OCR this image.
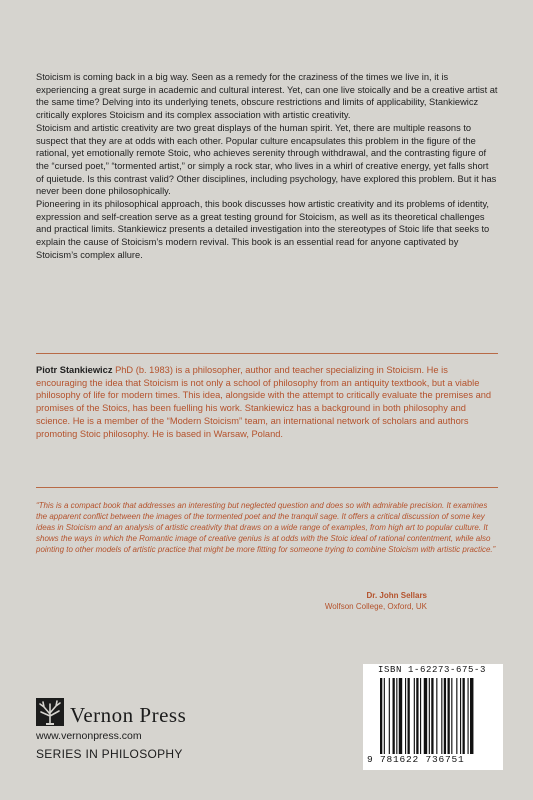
Stoicism is coming back in a big way. Seen as a remedy for the craziness of the times we live in, it is experiencing a great surge in academic and cultural interest. Yet, can one live stoically and be a creative artist at the same time? Delving into its underlying tenets, obscure restrictions and limits of applicability, Stankiewicz critically explores Stoicism and its complex association with artistic creativity.

Stoicism and artistic creativity are two great displays of the human spirit. Yet, there are multiple reasons to suspect that they are at odds with each other. Popular culture encapsulates this problem in the figure of the rational, yet emotionally remote Stoic, who achieves serenity through withdrawal, and the contrasting figure of the “cursed poet,” “tormented artist,” or simply a rock star, who lives in a whirl of creative energy, yet falls short of quietude. Is this contrast valid? Other disciplines, including psychology, have explored this problem. But it has never been done philosophically.

Pioneering in its philosophical approach, this book discusses how artistic creativity and its problems of identity, expression and self-creation serve as a great testing ground for Stoicism, as well as its theoretical challenges and practical limits. Stankiewicz presents a detailed investigation into the stereotypes of Stoic life that seeks to explain the cause of Stoicism’s modern revival. This book is an essential read for anyone captivated by Stoicism’s complex allure.

Piotr Stankiewicz PhD (b. 1983) is a philosopher, author and teacher specializing in Stoicism. He is encouraging the idea that Stoicism is not only a school of philosophy from an antiquity textbook, but a viable philosophy of life for modern times. This idea, alongside with the attempt to critically evaluate the premises and promises of the Stoics, has been fuelling his work. Stankiewicz has a background in both philosophy and science. He is a member of the “Modern Stoicism” team, an international network of scholars and authors promoting Stoic philosophy. He is based in Warsaw, Poland.
“This is a compact book that addresses an interesting but neglected question and does so with admirable precision. It examines the apparent conflict between the images of the tormented poet and the tranquil sage. It offers a critical discussion of some key ideas in Stoicism and an analysis of artistic creativity that draws on a wide range of examples, from high art to popular culture. It shows the ways in which the Romantic image of creative genius is at odds with the Stoic ideal of rational contentment, while also pointing to other models of artistic practice that might be more fitting for someone trying to combine Stoicism with artistic practice.”
Dr. John Sellars
Wolfson College, Oxford, UK
Vernon Press
www.vernonpress.com
SERIES IN PHILOSOPHY
ISBN 1-62273-675-3
9 781622 736751
